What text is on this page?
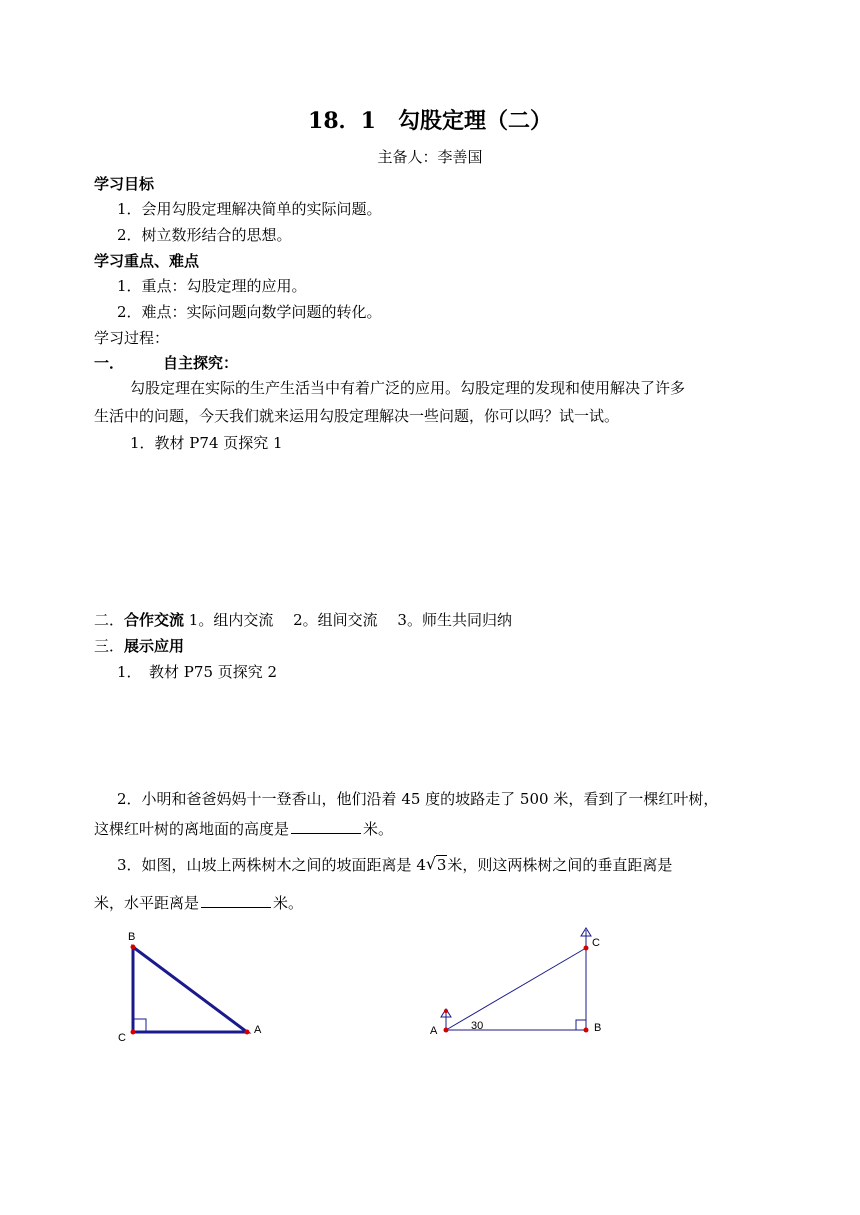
18．1　勾股定理（二）
主备人：李善国
学习目标
1．会用勾股定理解决简单的实际问题。
2．树立数形结合的思想。
学习重点、难点
1．重点：勾股定理的应用。
2．难点：实际问题向数学问题的转化。
学习过程：
一．	自主探究：
勾股定理在实际的生产生活当中有着广泛的应用。勾股定理的发现和使用解决了许多
生活中的问题，今天我们就来运用勾股定理解决一些问题，你可以吗？试一试。
1．教材 P74 页探究 1
二．合作交流 1。组内交流　 2。组间交流　 3。师生共同归纳
三．展示应用
1．　教材 P75 页探究 2
2．小明和爸爸妈妈十一登香山，他们沿着 45 度的坡路走了 500 米，看到了一棵红叶树，
这棵红叶树的离地面的高度是	米。
3．如图，山坡上两株树木之间的坡面距离是 4 √ 3米，则这两株树之间的垂直距离是
米，水平距离是	米。
B
C
A	A	B
C
30
